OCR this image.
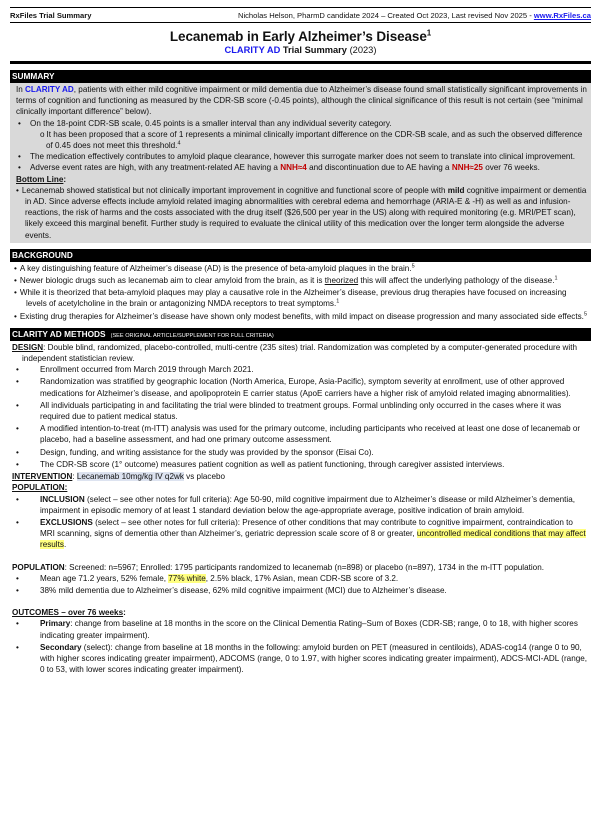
RxFiles Trial Summary	Nicholas Helson, PharmD candidate 2024 – Created Oct 2023, Last revised Nov 2025 - www.RxFiles.ca
Lecanemab in Early Alzheimer’s Disease$^1$
CLARITY AD Trial Summary (2023)
SUMMARY

In CLARITY AD, patients with either mild cognitive impairment or mild dementia due to Alzheimer’s disease found small statistically significant improvements in terms of cognition and functioning as measured by the CDR-SB score (-0.45 points), although the clinical significance of this result is not certain (see “minimal clinically important difference” below).

• On the 18-point CDR-SB scale, 0.45 points is a smaller interval than any individual severity category.
o It has been proposed that a score of 1 represents a minimal clinically important difference on the CDR-SB scale, and as such the observed difference of 0.45 does not meet this threshold.$^4$
• The medication effectively contributes to amyloid plaque clearance, however this surrogate marker does not seem to translate into clinical improvement.
• Adverse event rates are high, with any treatment-related AE having a NNH≈4 and discontinuation due to AE having a NNH≈25 over 76 weeks.

Bottom Line:

• Lecanemab showed statistical but not clinically important improvement in cognitive and functional score of people with mild cognitive impairment or dementia in AD. Since adverse effects include amyloid related imaging abnormalities with cerebral edema and hemorrhage (ARIA-E & -H) as well as and infusion-reactions, the risk of harms and the costs associated with the drug itself ($26,500 per year in the US) along with required monitoring (e.g. MRI/PET scan), likely exceed this marginal benefit. Further study is required to evaluate the clinical utility of this medication over the longer term alongside the adverse events.
BACKGROUND
• A key distinguishing feature of Alzheimer’s disease (AD) is the presence of beta-amyloid plaques in the brain.$^5$
• Newer biologic drugs such as lecanemab aim to clear amyloid from the brain, as it is theorized this will affect the underlying pathology of the disease.$^1$
• While it is theorized that beta-amyloid plaques may play a causative role in the Alzheimer’s disease, previous drug therapies have focused on increasing levels of acetylcholine in the brain or antagonizing NMDA receptors to treat symptoms.$^1$
• Existing drug therapies for Alzheimer’s disease have shown only modest benefits, with mild impact on disease progression and many associated side effects.$^5$
CLARITY AD METHODS (SEE ORIGINAL ARTICLE/SUPPLEMENT FOR FULL CRITERIA)

DESIGN: Double blind, randomized, placebo-controlled, multi-centre (235 sites) trial. Randomization was completed by a computer-generated procedure with independent statistician review.

• Enrollment occurred from March 2019 through March 2021.
• Randomization was stratified by geographic location (North America, Europe, Asia-Pacific), symptom severity at enrollment, use of other approved medications for Alzheimer’s disease, and apolipoprotein E carrier status (ApoE carriers have a higher risk of amyloid related imaging abnormalities).
• All individuals participating in and facilitating the trial were blinded to treatment groups. Formal unblinding only occurred in the cases where it was required due to patient medical status.
• A modified intention-to-treat (m-ITT) analysis was used for the primary outcome, including participants who received at least one dose of lecanemab or placebo, had a baseline assessment, and had one primary outcome assessment.
• Design, funding, and writing assistance for the study was provided by the sponsor (Eisai Co).
• The CDR-SB score (1° outcome) measures patient cognition as well as patient functioning, through caregiver assisted interviews.

INTERVENTION: Lecanemab 10mg/kg IV q2wk vs placebo

POPULATION:

• INCLUSION (select – see other notes for full criteria): Age 50-90, mild cognitive impairment due to Alzheimer’s disease or mild Alzheimer’s dementia, impairment in episodic memory of at least 1 standard deviation below the age-appropriate average, positive indication of brain amyloid.
• EXCLUSIONS (select – see other notes for full criteria): Presence of other conditions that may contribute to cognitive impairment, contraindication to MRI scanning, signs of dementia other than Alzheimer’s, geriatric depression scale score of 8 or greater, uncontrolled medical conditions that may affect results.

POPULATION: Screened: n=5967; Enrolled: 1795 participants randomized to lecanemab (n=898) or placebo (n=897), 1734 in the m-ITT population.

• Mean age 71.2 years, 52% female, 77% white, 2.5% black, 17% Asian, mean CDR-SB score of 3.2.
• 38% mild dementia due to Alzheimer’s disease, 62% mild cognitive impairment (MCI) due to Alzheimer’s disease.

OUTCOMES – over 76 weeks:

• Primary: change from baseline at 18 months in the score on the Clinical Dementia Rating–Sum of Boxes (CDR-SB; range, 0 to 18, with higher scores indicating greater impairment).
• Secondary (select): change from baseline at 18 months in the following: amyloid burden on PET (measured in centiloids), ADAS-cog14 (range 0 to 90, with higher scores indicating greater impairment), ADCOMS (range, 0 to 1.97, with higher scores indicating greater impairment), ADCS-MCI-ADL (range, 0 to 53, with lower scores indicating greater impairment).
